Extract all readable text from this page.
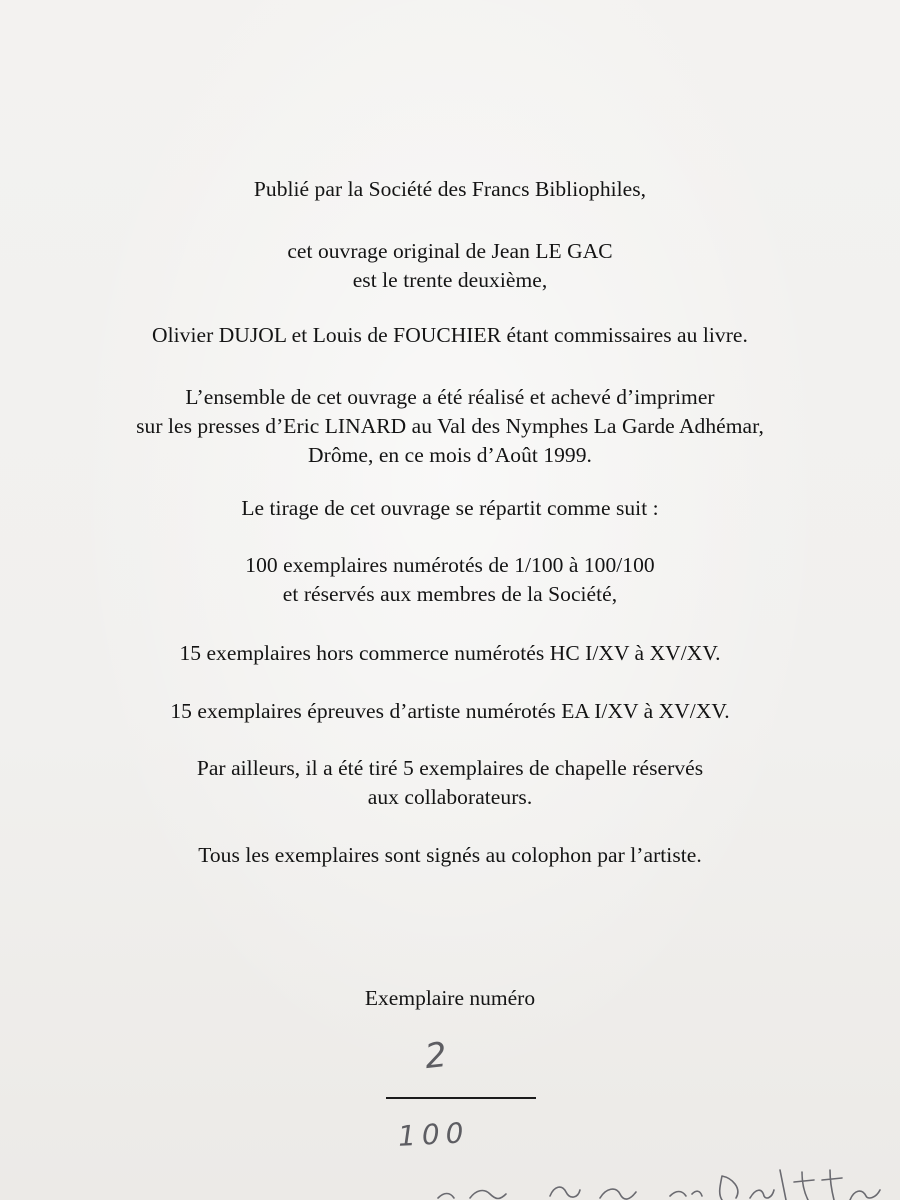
Publié par la Société des Francs Bibliophiles,

cet ouvrage original de Jean LE GAC
est le trente deuxième,

Olivier DUJOL et Louis de FOUCHIER étant commissaires au livre.

L’ensemble de cet ouvrage a été réalisé et achevé d’imprimer
sur les presses d’Eric LINARD au Val des Nymphes La Garde Adhémar,
Drôme, en ce mois d’Août 1999.

Le tirage de cet ouvrage se répartit comme suit :

100 exemplaires numérotés de 1/100 à 100/100
et réservés aux membres de la Société,

15 exemplaires hors commerce numérotés HC I/XV à XV/XV.

15 exemplaires épreuves d’artiste numérotés EA I/XV à XV/XV.

Par ailleurs, il a été tiré 5 exemplaires de chapelle réservés
aux collaborateurs.

Tous les exemplaires sont signés au colophon par l’artiste.

Exemplaire numéro
2
100
